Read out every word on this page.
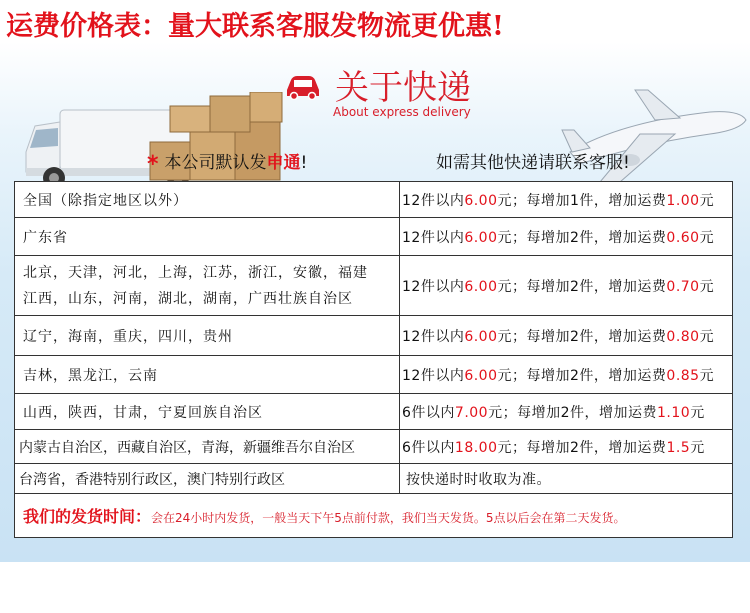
运费价格表：量大联系客服发物流更优惠!
关于快递
About express delivery
* 本公司默认发申通!	如需其他快递请联系客服!
全国（除指定地区以外）	12件以内6.00元；每增加1件，增加运费1.00元
广东省	12件以内6.00元；每增加2件，增加运费0.60元

北京，天津，河北，上海，江苏，浙江，安徽，福建
江西，山东，河南，湖北，湖南，广西壮族自治区	12件以内6.00元；每增加2件，增加运费0.70元
辽宁，海南，重庆，四川，贵州	12件以内6.00元；每增加2件，增加运费0.80元
吉林，黑龙江，云南	12件以内6.00元；每增加2件，增加运费0.85元
山西，陕西，甘肃，宁夏回族自治区	6件以内7.00元；每增加2件，增加运费1.10元
内蒙古自治区，西藏自治区，青海，新疆维吾尔自治区	6件以内18.00元；每增加2件，增加运费1.5元
台湾省，香港特别行政区，澳门特别行政区	按快递时时收取为准。
我们的发货时间：会在24小时内发货，一般当天下午5点前付款，我们当天发货。5点以后会在第二天发货。	
